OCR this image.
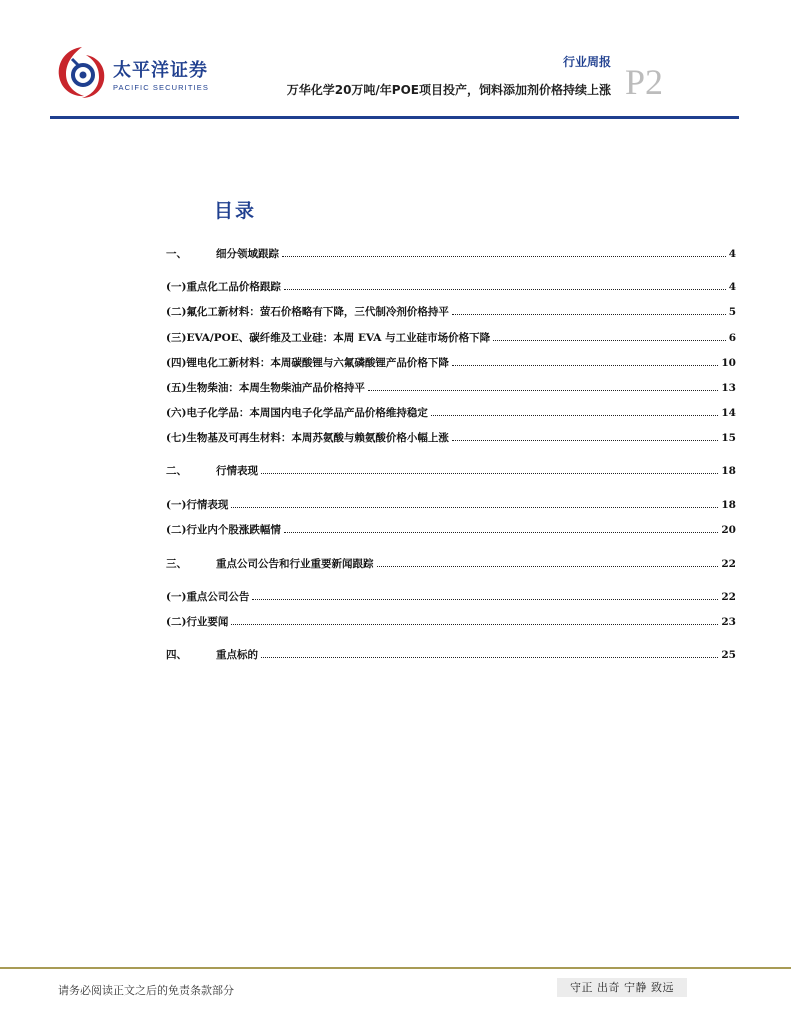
太平洋证券
PACIFIC SECURITIES
行业周报
万华化学20万吨/年POE项目投产，饲料添加剂价格持续上涨 P2
目录
一、	细分领域跟踪	4
(一) 重点化工品价格跟踪	4
(二) 氟化工新材料：萤石价格略有下降，三代制冷剂价格持平	5
(三) EVA/POE、碳纤维及工业硅：本周 EVA 与工业硅市场价格下降	6
(四) 锂电化工新材料：本周碳酸锂与六氟磷酸锂产品价格下降	10
(五) 生物柴油：本周生物柴油产品价格持平	13
(六) 电子化学品：本周国内电子化学品产品价格维持稳定	14
(七) 生物基及可再生材料：本周苏氨酸与赖氨酸价格小幅上涨	15
二、	行情表现	18
(一) 行情表现	18
(二) 行业内个股涨跌幅情	20
三、	重点公司公告和行业重要新闻跟踪	22
(一) 重点公司公告	22
(二) 行业要闻	23
四、	重点标的	25
请务必阅读正文之后的免责条款部分	守正 出奇 宁静 致远
